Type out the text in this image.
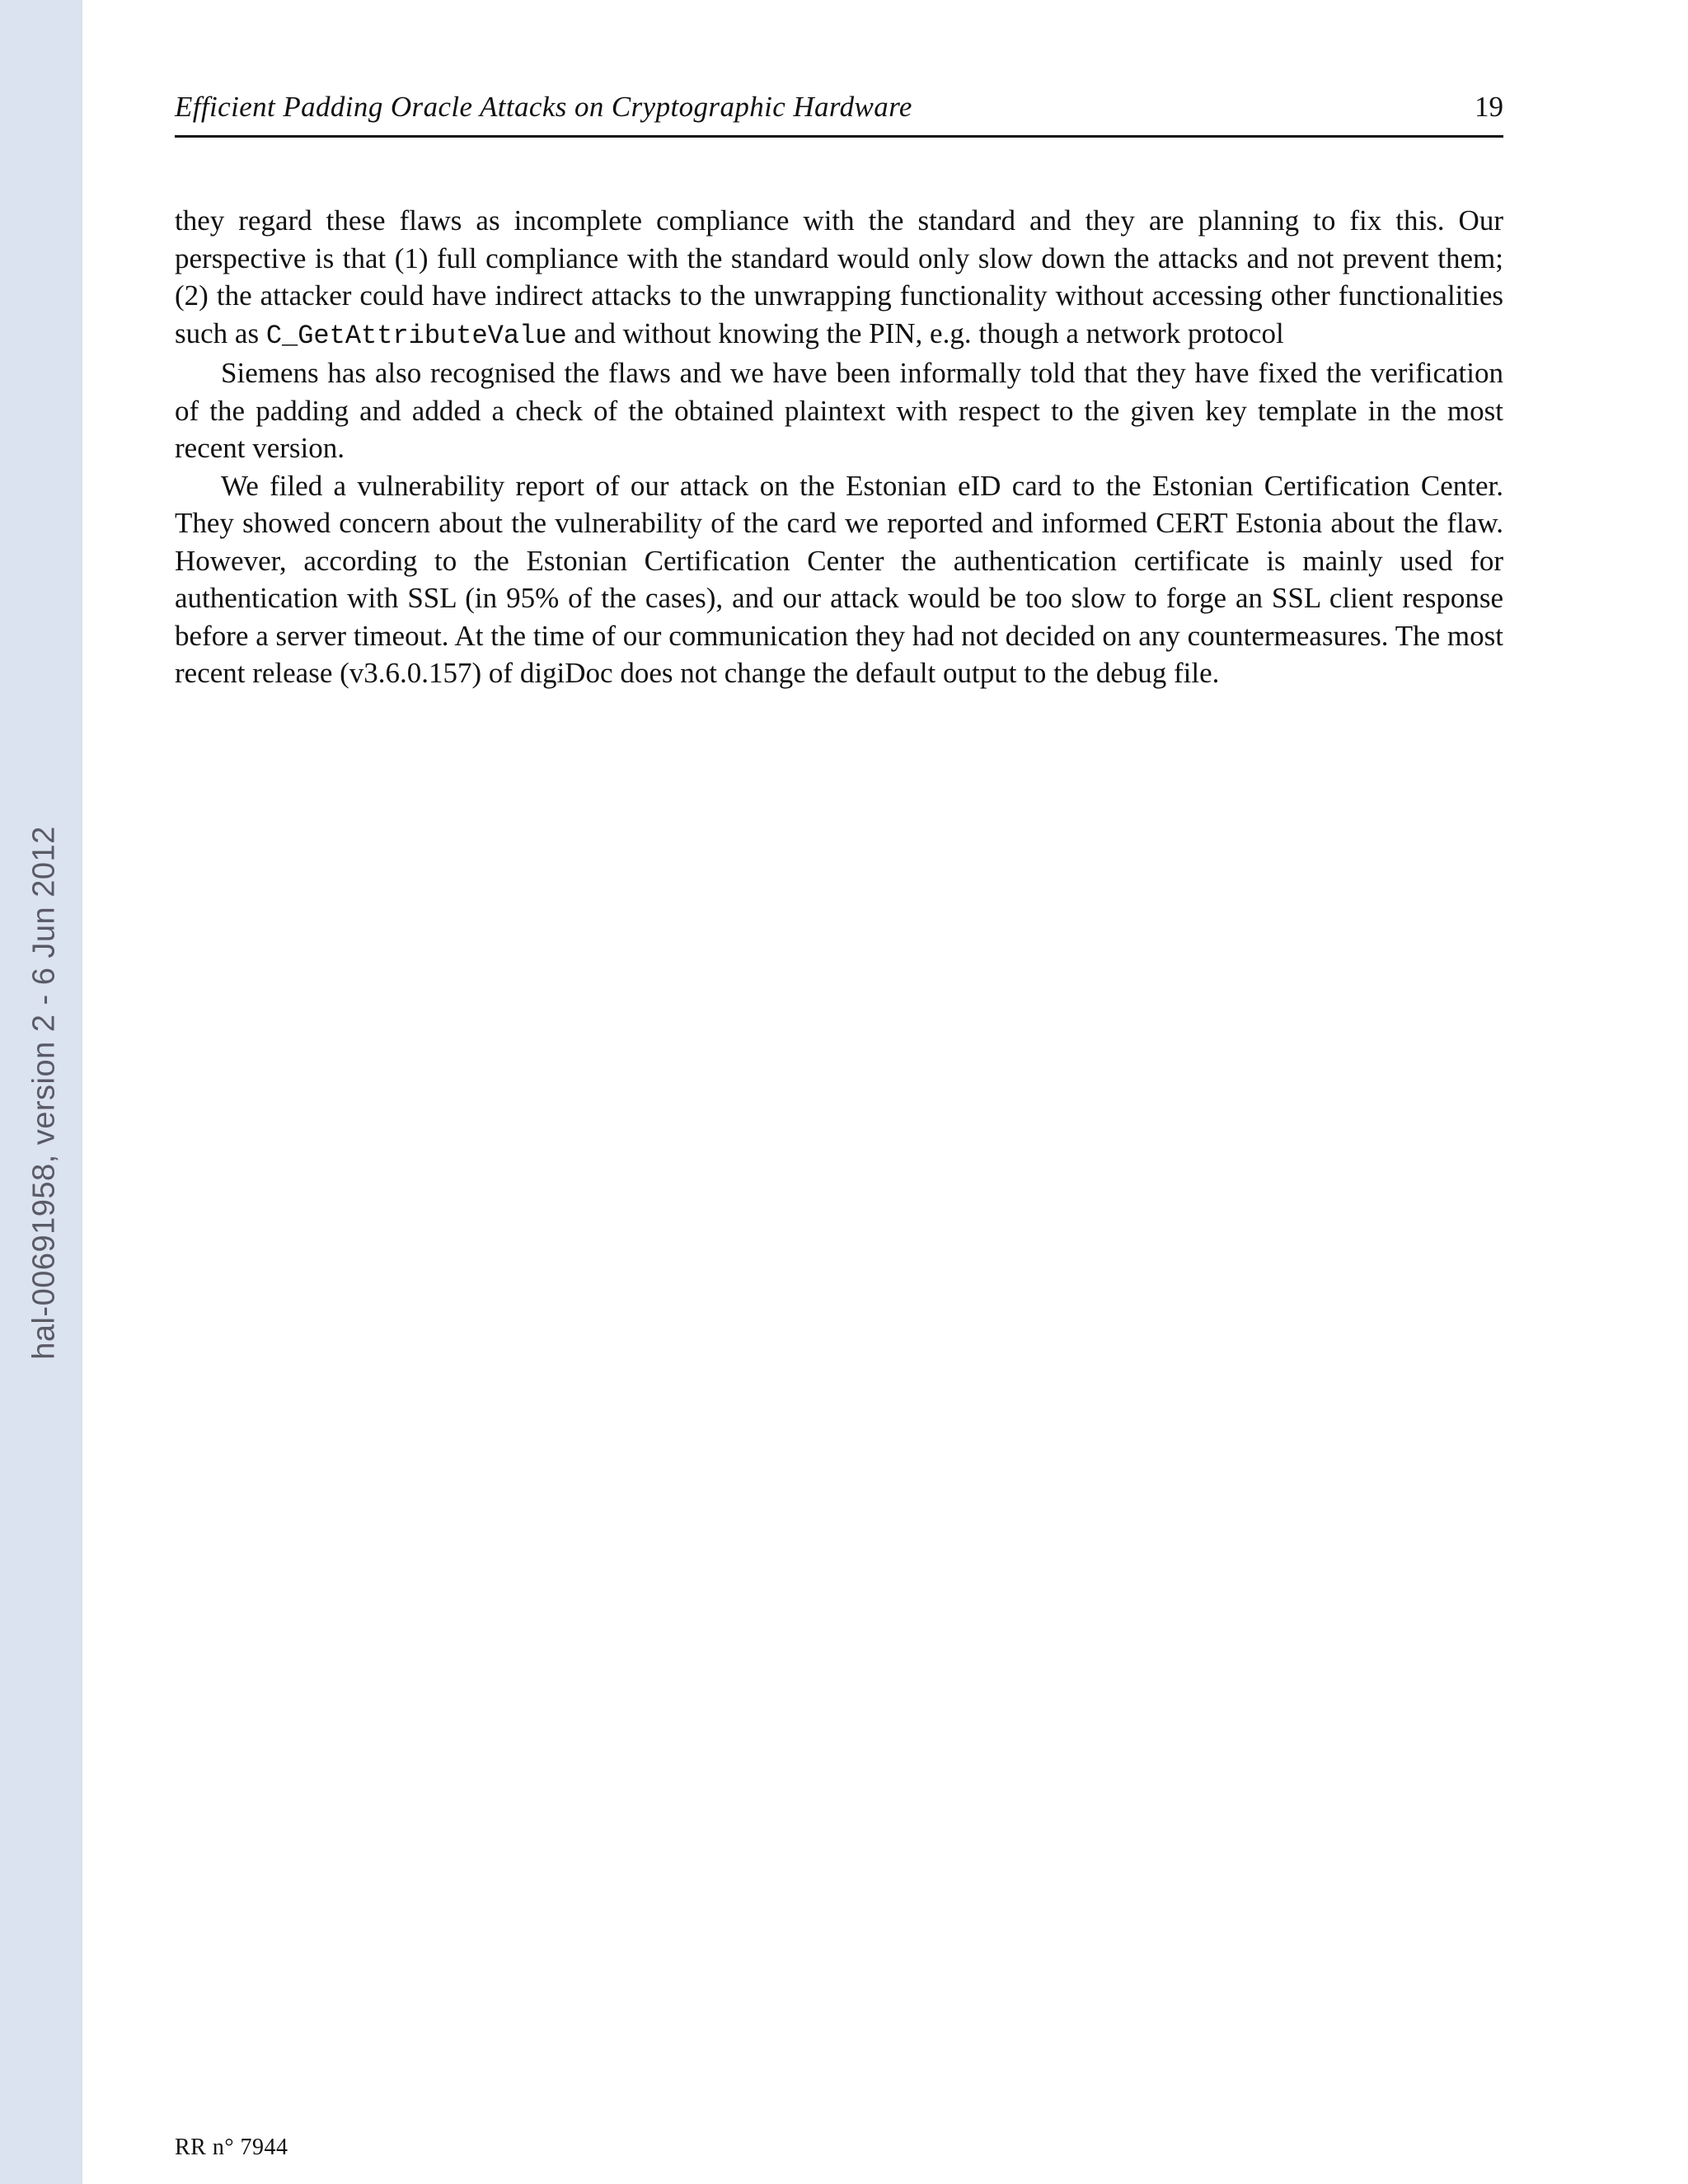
hal-00691958, version 2 - 6 Jun 2012
Efficient Padding Oracle Attacks on Cryptographic Hardware	19

they regard these flaws as incomplete compliance with the standard and they are planning to fix this. Our perspective is that (1) full compliance with the standard would only slow down the attacks and not prevent them; (2) the attacker could have indirect attacks to the unwrapping functionality without accessing other functionalities such as C_GetAttributeValue and without knowing the PIN, e.g. though a network protocol

Siemens has also recognised the flaws and we have been informally told that they have fixed the verification of the padding and added a check of the obtained plaintext with respect to the given key template in the most recent version.

We filed a vulnerability report of our attack on the Estonian eID card to the Estonian Certification Center. They showed concern about the vulnerability of the card we reported and informed CERT Estonia about the flaw. However, according to the Estonian Certification Center the authentication certificate is mainly used for authentication with SSL (in 95% of the cases), and our attack would be too slow to forge an SSL client response before a server timeout. At the time of our communication they had not decided on any countermeasures. The most recent release (v3.6.0.157) of digiDoc does not change the default output to the debug file.

RR n° 7944
